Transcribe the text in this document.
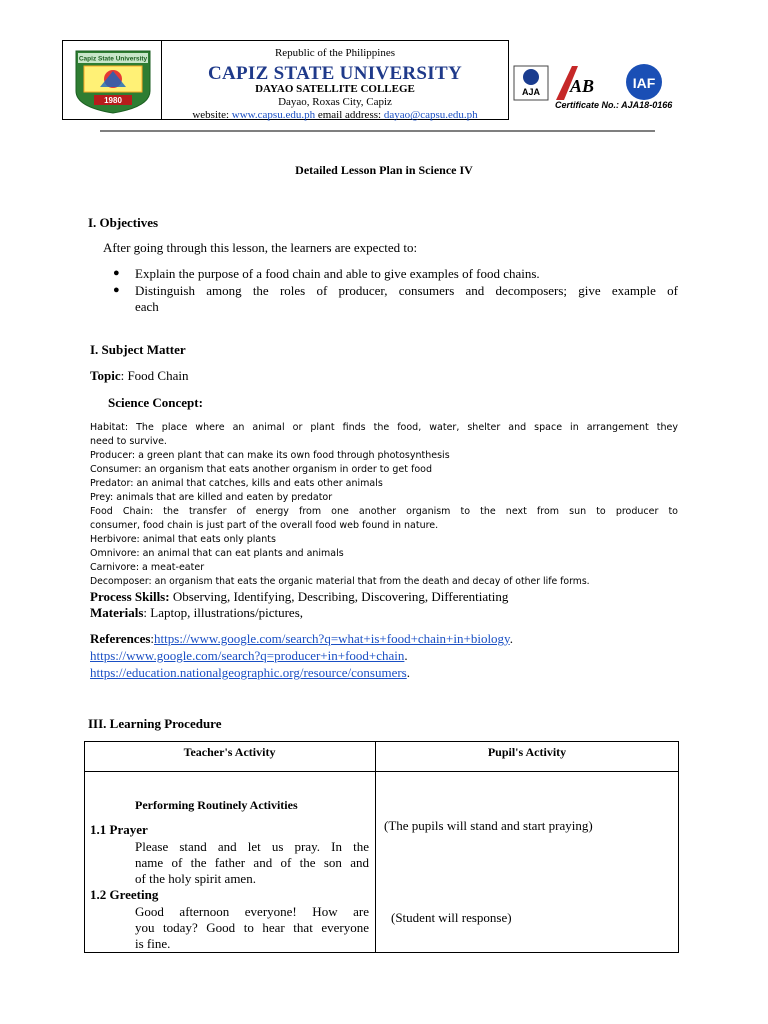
Capiz State University
1980
Republic of the Philippines
CAPIZ STATE UNIVERSITY
DAYAO SATELLITE COLLEGE
Dayao, Roxas City, Capiz
website: www.capsu.edu.ph email address: dayao@capsu.edu.ph
AJA AB	IAF
Certificate No.: AJA18-0166
Detailed Lesson Plan in Science IV
I. Objectives
After going through this lesson, the learners are expected to:
● Explain the purpose of a food chain and able to give examples of food chains.
● Distinguish among the roles of producer, consumers and decomposers; give example of
each
I. Subject Matter
Topic: Food Chain
Science Concept:
Habitat: The place where an animal or plant finds the food, water, shelter and space in arrangement they
need to survive.
Producer: a green plant that can make its own food through photosynthesis
Consumer: an organism that eats another organism in order to get food
Predator: an animal that catches, kills and eats other animals
Prey: animals that are killed and eaten by predator
Food Chain: the transfer of energy from one another organism to the next from sun to producer to
consumer, food chain is just part of the overall food web found in nature.
Herbivore: animal that eats only plants
Omnivore: an animal that can eat plants and animals
Carnivore: a meat-eater
Decomposer: an organism that eats the organic material that from the death and decay of other life forms.
Process Skills: Observing, Identifying, Describing, Discovering, Differentiating
Materials: Laptop, illustrations/pictures,
References:https://www.google.com/search?q=what+is+food+chain+in+biology.
https://www.google.com/search?q=producer+in+food+chain.
https://education.nationalgeographic.org/resource/consumers.
III. Learning Procedure
Teacher's Activity	Pupil's Activity
Performing Routinely Activities
1.1 Prayer
Please stand and let us pray. In the
name of the father and of the son and
of the holy spirit amen.
1.2 Greeting
Good afternoon everyone! How are
you today? Good to hear that everyone
is fine.
(The pupils will stand and start praying)
(Student will response)
